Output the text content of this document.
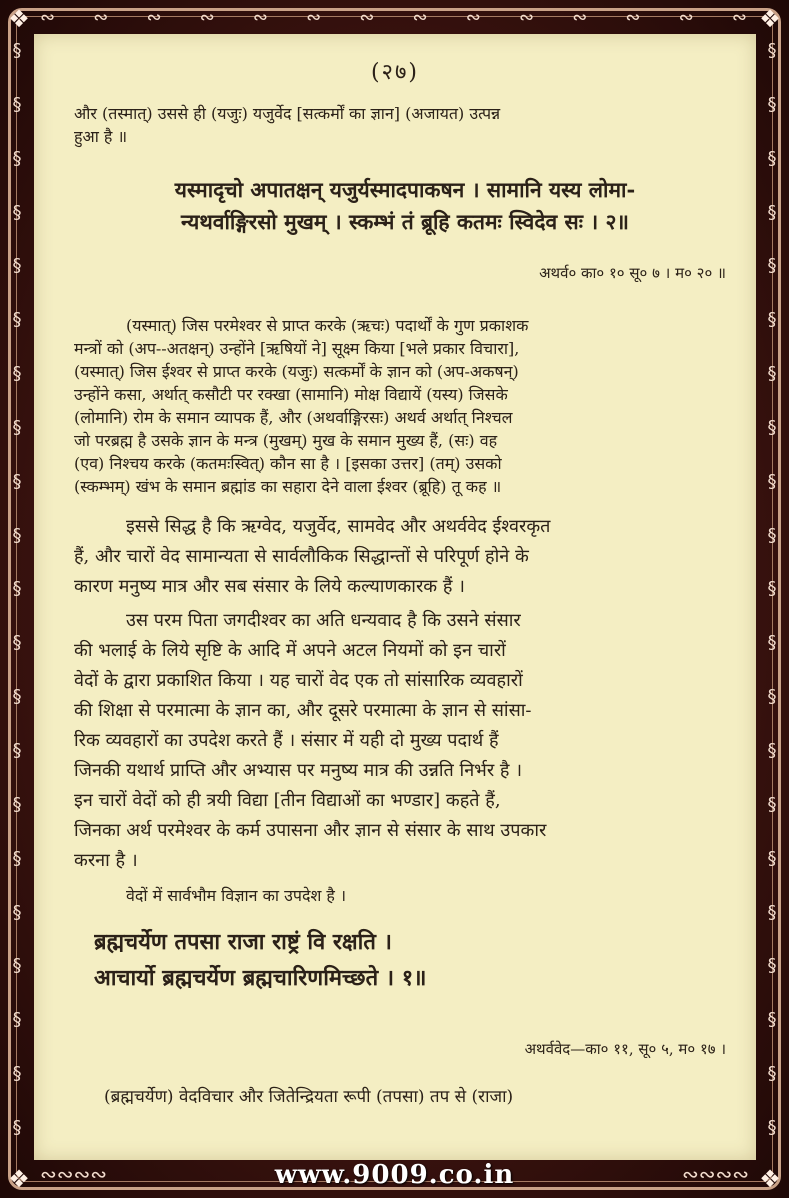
❖	❖
❖	❖
∾ ∾ ∾ ∾ ∾ ∾ ∾ ∾ ∾ ∾ ∾ ∾ ∾ ∾
§
§
§
§
§
§
§
§
§
§
§
§
§
§
§
§
§
§
§
§
§
§
§
§
§
§
§
§
§
§
§
§
§
§
§
§
§
§
§
§
§
§
(२७)
और (तस्मात्) उससे ही (यजुः) यजुर्वेद [सत्कर्मों का ज्ञान] (अजायत) उत्पन्न
हुआ है ॥
यस्मादृचो अपातक्षन् यजुर्यस्मादपाकषन । सामानि यस्य लोमा-
न्यथर्वाङ्गिरसो मुखम् । स्कम्भं तं ब्रूहि कतमः स्विदेव सः । २॥
अथर्व० का० १० सू० ७ । म० २० ॥
(यस्मात्) जिस परमेश्वर से प्राप्त करके (ऋचः) पदार्थों के गुण प्रकाशक
मन्त्रों को (अप--अतक्षन्) उन्होंने [ऋषियों ने] सूक्ष्म किया [भले प्रकार विचारा],
(यस्मात्) जिस ईश्वर से प्राप्त करके (यजुः) सत्कर्मों के ज्ञान को (अप-अकषन्)
उन्होंने कसा, अर्थात् कसौटी पर रक्खा (सामानि) मोक्ष विद्यायें (यस्य) जिसके
(लोमानि) रोम के समान व्यापक हैं, और (अथर्वाङ्गिरसः) अथर्व अर्थात् निश्चल
जो परब्रह्म है उसके ज्ञान के मन्त्र (मुखम्) मुख के समान मुख्य हैं, (सः) वह
(एव) निश्चय करके (कतमःस्वित्) कौन सा है । [इसका उत्तर] (तम्) उसको
(स्कम्भम्) खंभ के समान ब्रह्मांड का सहारा देने वाला ईश्वर (ब्रूहि) तू कह ॥
इससे सिद्ध है कि ऋग्वेद, यजुर्वेद, सामवेद और अथर्ववेद ईश्वरकृत
हैं, और चारों वेद सामान्यता से सार्वलौकिक सिद्धान्तों से परिपूर्ण होने के
कारण मनुष्य मात्र और सब संसार के लिये कल्याणकारक हैं ।
उस परम पिता जगदीश्वर का अति धन्यवाद है कि उसने संसार
की भलाई के लिये सृष्टि के आदि में अपने अटल नियमों को इन चारों
वेदों के द्वारा प्रकाशित किया । यह चारों वेद एक तो सांसारिक व्यवहारों
की शिक्षा से परमात्मा के ज्ञान का, और दूसरे परमात्मा के ज्ञान से सांसा-
रिक व्यवहारों का उपदेश करते हैं । संसार में यही दो मुख्य पदार्थ हैं
जिनकी यथार्थ प्राप्ति और अभ्यास पर मनुष्य मात्र की उन्नति निर्भर है ।
इन चारों वेदों को ही त्रयी विद्या [तीन विद्याओं का भण्डार] कहते हैं,
जिनका अर्थ परमेश्वर के कर्म उपासना और ज्ञान से संसार के साथ उपकार
करना है ।
वेदों में सार्वभौम विज्ञान का उपदेश है ।
ब्रह्मचर्येण तपसा राजा राष्ट्रं वि रक्षति ।
आचार्यो ब्रह्मचर्येण ब्रह्मचारिणमिच्छते । १॥
अथर्ववेद—का० ११, सू० ५, म० १७ ।
(ब्रह्मचर्येण) वेदविचार और जितेन्द्रियता रूपी (तपसा) तप से (राजा)
∾∾∾∾	∾∾∾∾
www.9009.co.in
